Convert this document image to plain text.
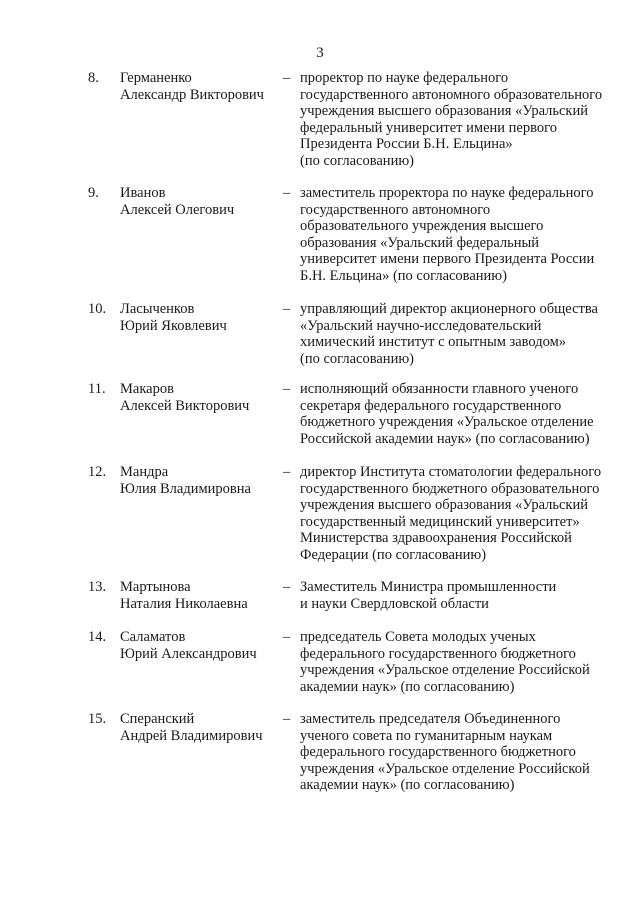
3
8. Германенко
Александр Викторович
– проректор по науке федерального
государственного автономного образовательного
учреждения высшего образования «Уральский
федеральный университет имени первого
Президента России Б.Н. Ельцина»
(по согласованию)
9. Иванов
Алексей Олегович
– заместитель проректора по науке федерального
государственного автономного
образовательного учреждения высшего
образования «Уральский федеральный
университет имени первого Президента России
Б.Н. Ельцина» (по согласованию)
10. Ласыченков
Юрий Яковлевич
– управляющий директор акционерного общества
«Уральский научно-исследовательский
химический институт с опытным заводом»
(по согласованию)
11. Макаров
Алексей Викторович
– исполняющий обязанности главного ученого
секретаря федерального государственного
бюджетного учреждения «Уральское отделение
Российской академии наук» (по согласованию)
12. Мандра
Юлия Владимировна
– директор Института стоматологии федерального
государственного бюджетного образовательного
учреждения высшего образования «Уральский
государственный медицинский университет»
Министерства здравоохранения Российской
Федерации (по согласованию)
13. Мартынова
Наталия Николаевна
– Заместитель Министра промышленности
и науки Свердловской области
14. Саламатов
Юрий Александрович
– председатель Совета молодых ученых
федерального государственного бюджетного
учреждения «Уральское отделение Российской
академии наук» (по согласованию)
15. Сперанский
Андрей Владимирович
– заместитель председателя Объединенного
ученого совета по гуманитарным наукам
федерального государственного бюджетного
учреждения «Уральское отделение Российской
академии наук» (по согласованию)
